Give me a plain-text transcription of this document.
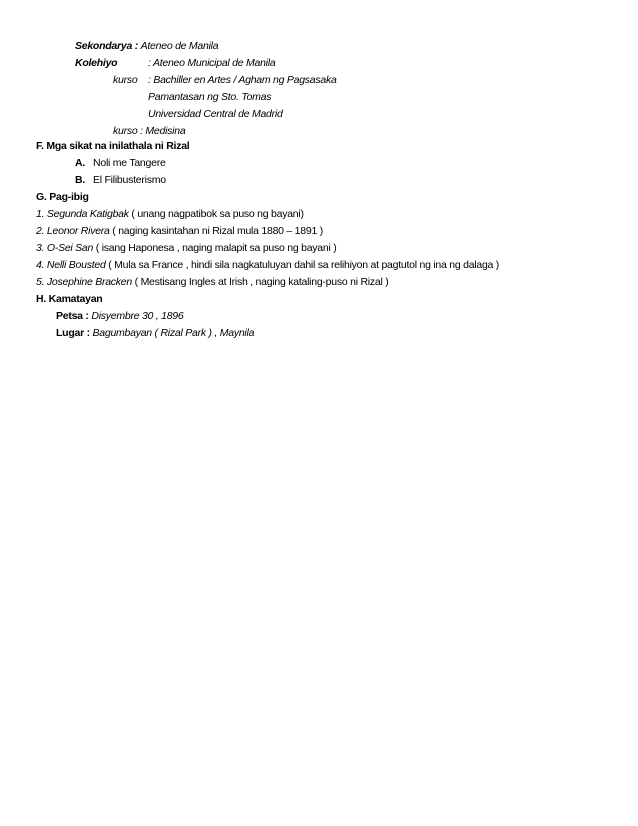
Sekondarya : Ateneo de Manila
Kolehiyo	: Ateneo Municipal de Manila
kurso : Bachiller en Artes / Agham ng Pagsasaka
Pamantasan ng Sto. Tomas
Universidad Central de Madrid
kurso : Medisina
F. Mga sikat na inilathala ni Rizal
A. Noli me Tangere
B. El Filibusterismo
G. Pag-ibig
1. Segunda Katigbak ( unang nagpatibok sa puso ng bayani)
2. Leonor Rivera ( naging kasintahan ni Rizal mula 1880 – 1891 )
3. O-Sei San ( isang Haponesa , naging malapit sa puso ng bayani )
4. Nelli Bousted ( Mula sa France , hindi sila nagkatuluyan dahil sa relihiyon at pagtutol ng ina ng dalaga )
5. Josephine Bracken ( Mestisang Ingles at Irish , naging kataling-puso ni Rizal )
H. Kamatayan
Petsa : Disyembre 30 , 1896
Lugar : Bagumbayan ( Rizal Park ) , Maynila
